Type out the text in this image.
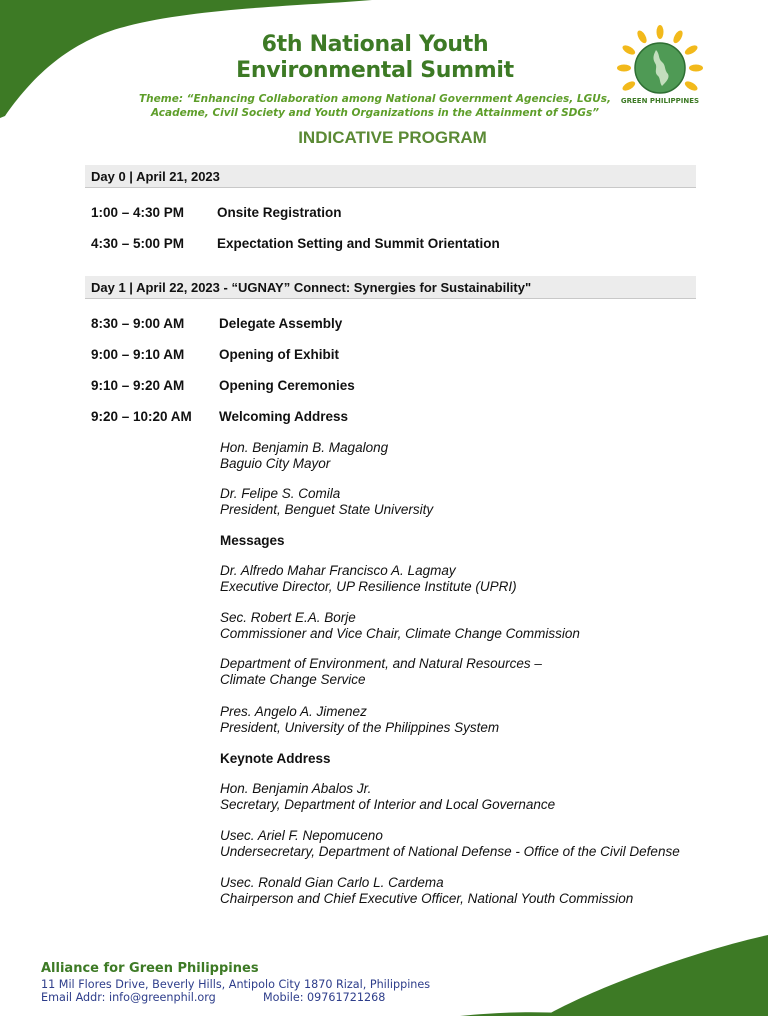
6th National Youth
Environmental Summit
Theme: “Enhancing Collaboration among National Government Agencies, LGUs,
Academe, Civil Society and Youth Organizations in the Attainment of SDGs”
GREEN PHILIPPINES
INDICATIVE PROGRAM
Day 0 | April 21, 2023
1:00 – 4:30 PM Onsite Registration
4:30 – 5:00 PM Expectation Setting and Summit Orientation
Day 1 | April 22, 2023 - “UGNAY” Connect: Synergies for Sustainability"
8:30 – 9:00 AM	Delegate Assembly
9:00 – 9:10 AM	Opening of Exhibit
9:10 – 9:20 AM	Opening Ceremonies
9:20 – 10:20 AM Welcoming Address
Hon. Benjamin B. Magalong
Baguio City Mayor
Dr. Felipe S. Comila
President, Benguet State University
Messages
Dr. Alfredo Mahar Francisco A. Lagmay
Executive Director, UP Resilience Institute (UPRI)
Sec. Robert E.A. Borje
Commissioner and Vice Chair, Climate Change Commission
Department of Environment, and Natural Resources –
Climate Change Service
Pres. Angelo A. Jimenez
President, University of the Philippines System
Keynote Address
Hon. Benjamin Abalos Jr.
Secretary, Department of Interior and Local Governance
Usec. Ariel F. Nepomuceno
Undersecretary, Department of National Defense - Office of the Civil Defense
Usec. Ronald Gian Carlo L. Cardema
Chairperson and Chief Executive Officer, National Youth Commission
Alliance for Green Philippines
11 Mil Flores Drive, Beverly Hills, Antipolo City 1870 Rizal, Philippines
Email Addr: info@greenphil.org	Mobile: 09761721268
